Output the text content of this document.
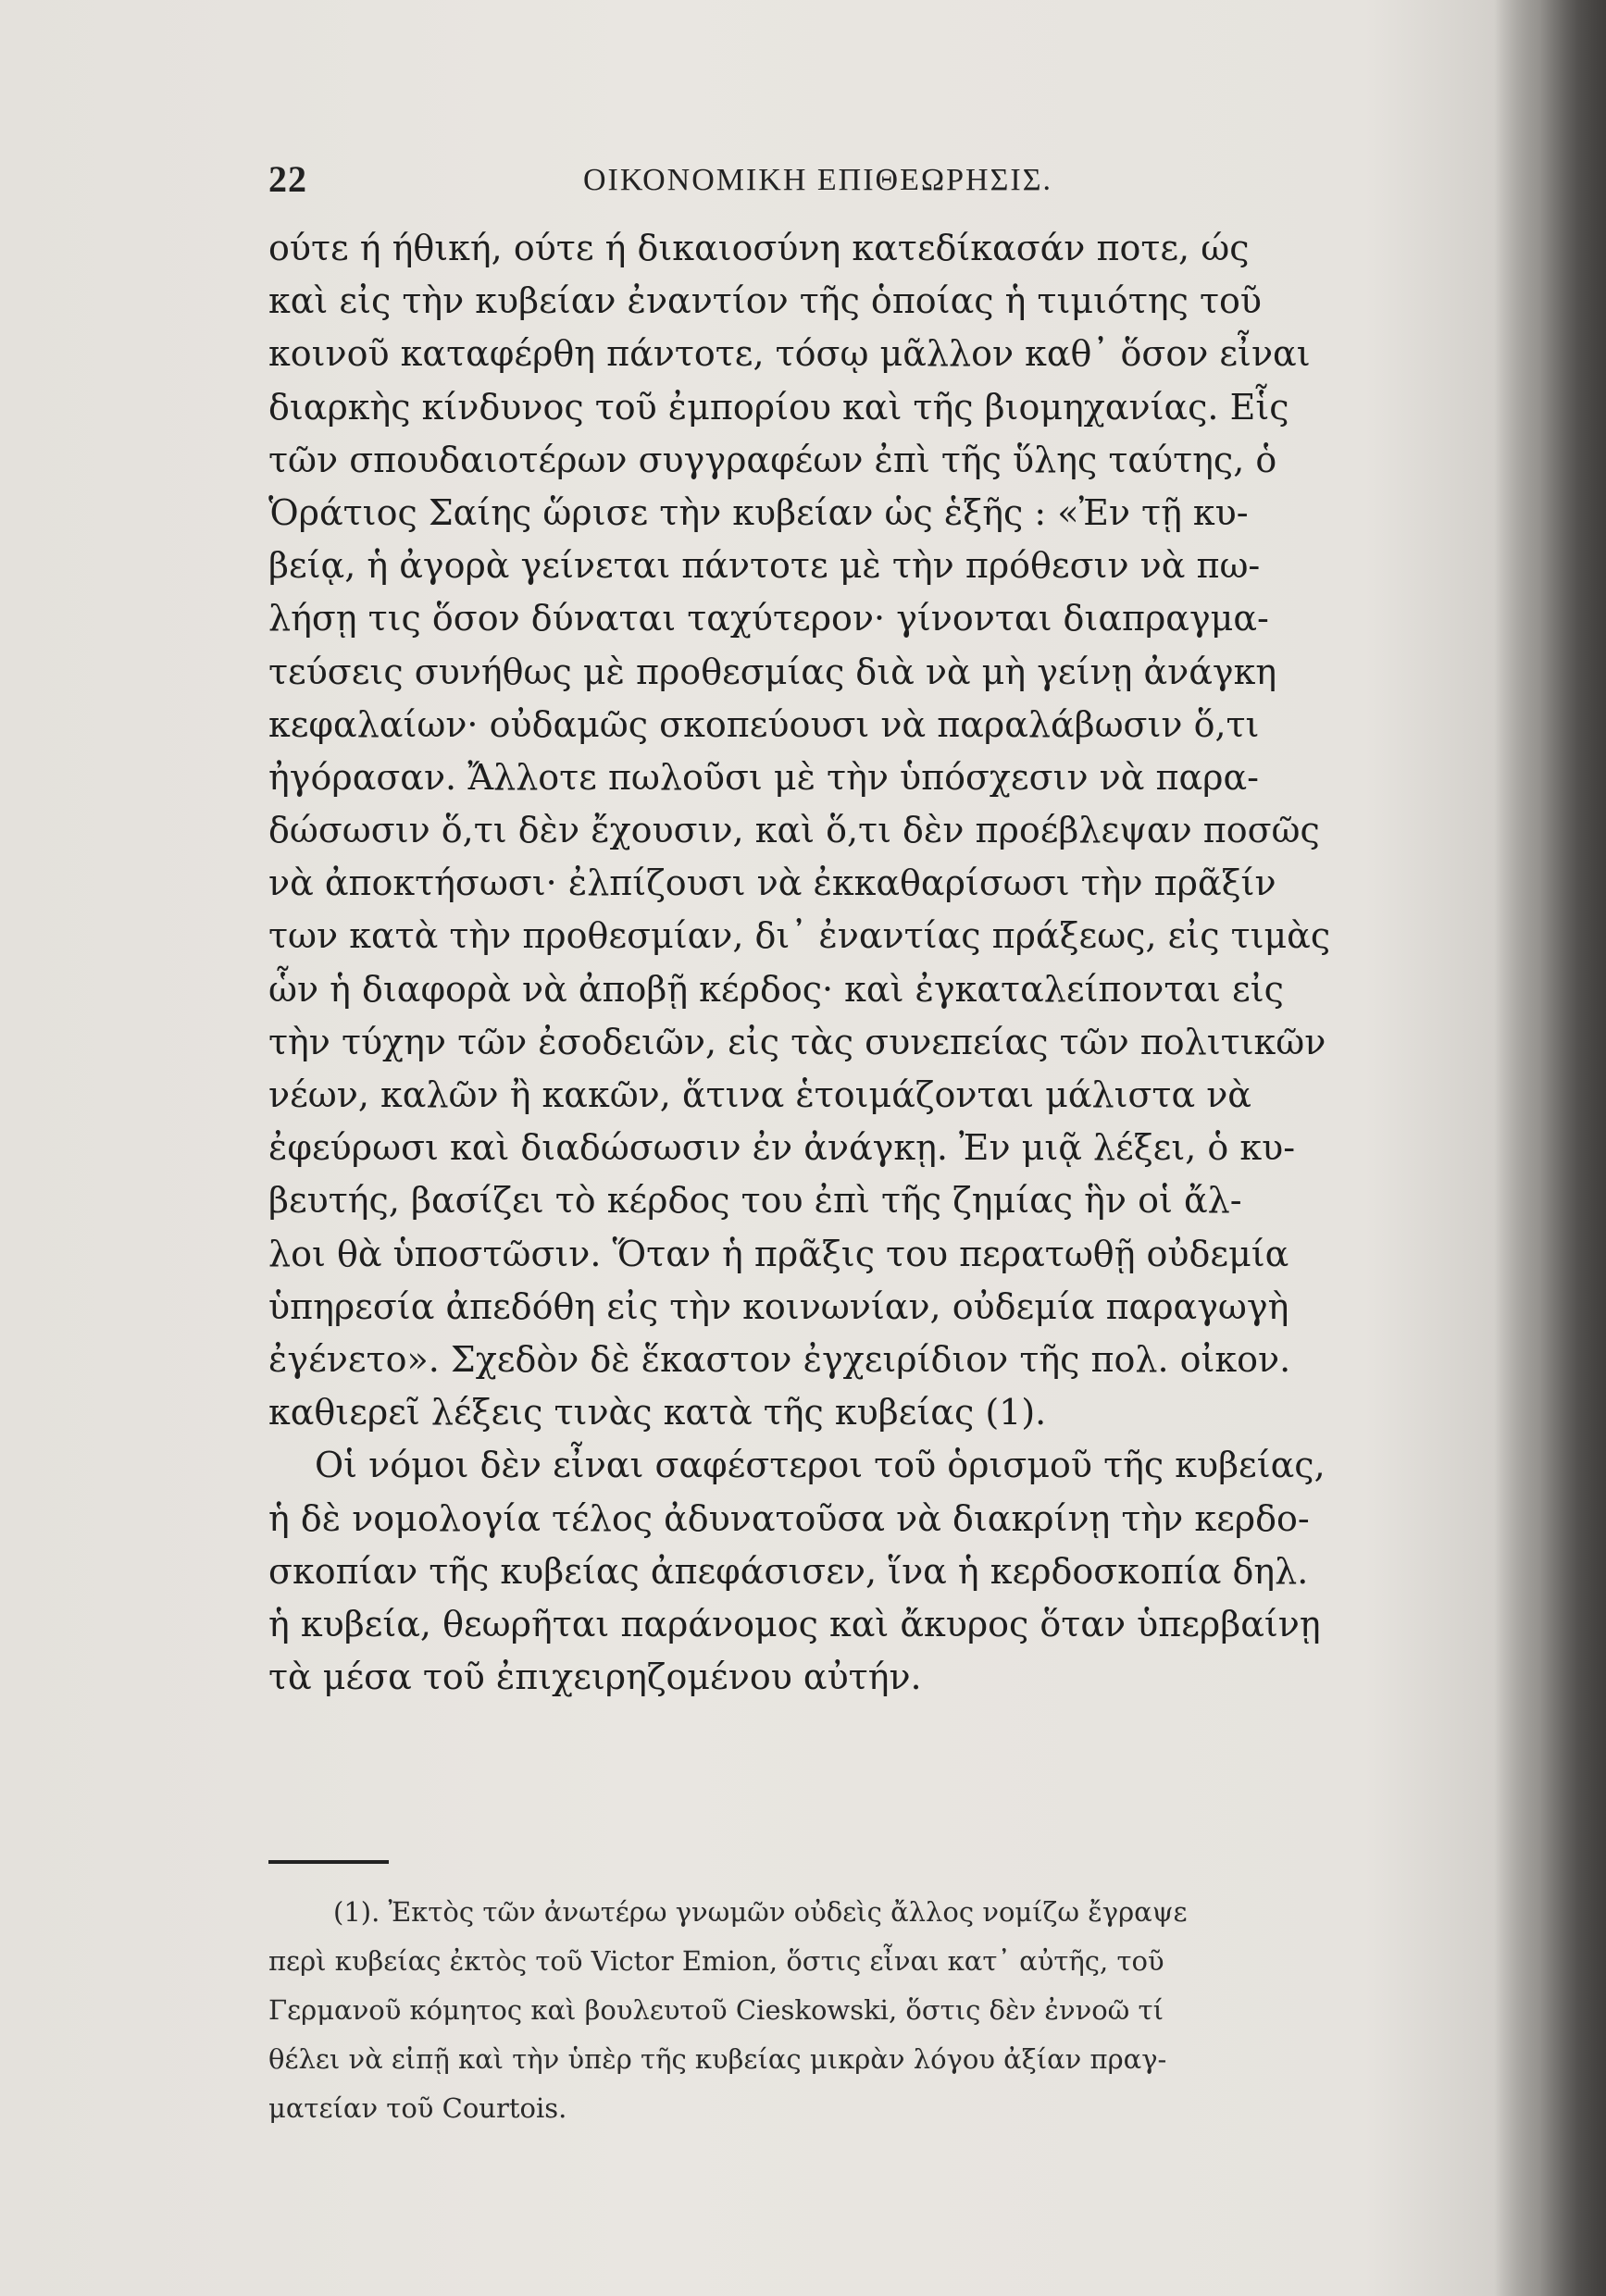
22	ΟΙΚΟΝΟΜΙΚΗ ΕΠΙΘΕΩΡΗΣΙΣ.
ούτε ή ήθική, ούτε ή δικαιοσύνη κατεδίκασάν ποτε, ώς
καὶ εἰς τὴν κυβείαν ἐναντίον τῆς ὁποίας ἡ τιμιότης τοῦ
κοινοῦ καταφέρθη πάντοτε, τόσῳ μᾶλλον καθ᾽ ὅσον εἶναι
διαρκὴς κίνδυνος τοῦ ἐμπορίου καὶ τῆς βιομηχανίας. Εἷς
τῶν σπουδαιοτέρων συγγραφέων ἐπὶ τῆς ὕλης ταύτης, ὁ
Ὁράτιος Σαίης ὥρισε τὴν κυβείαν ὡς ἑξῆς : «Ἐν τῇ κυ-
βείᾳ, ἡ ἀγορὰ γείνεται πάντοτε μὲ τὴν πρόθεσιν νὰ πω-
λήσῃ τις ὅσον δύναται ταχύτερον· γίνονται διαπραγμα-
τεύσεις συνήθως μὲ προθεσμίας διὰ νὰ μὴ γείνῃ ἀνάγκη
κεφαλαίων· οὐδαμῶς σκοπεύουσι νὰ παραλάβωσιν ὅ,τι
ἠγόρασαν. Ἄλλοτε πωλοῦσι μὲ τὴν ὑπόσχεσιν νὰ παρα-
δώσωσιν ὅ,τι δὲν ἔχουσιν, καὶ ὅ,τι δὲν προέβλεψαν ποσῶς
νὰ ἀποκτήσωσι· ἐλπίζουσι νὰ ἐκκαθαρίσωσι τὴν πρᾶξίν
των κατὰ τὴν προθεσμίαν, δι᾽ ἐναντίας πράξεως, εἰς τιμὰς
ὧν ἡ διαφορὰ νὰ ἀποβῇ κέρδος· καὶ ἐγκαταλείπονται εἰς
τὴν τύχην τῶν ἐσοδειῶν, εἰς τὰς συνεπείας τῶν πολιτικῶν
νέων, καλῶν ἢ κακῶν, ἅτινα ἑτοιμάζονται μάλιστα νὰ
ἐφεύρωσι καὶ διαδώσωσιν ἐν ἀνάγκῃ. Ἐν μιᾷ λέξει, ὁ κυ-
βευτής, βασίζει τὸ κέρδος του ἐπὶ τῆς ζημίας ἣν οἱ ἄλ-
λοι θὰ ὑποστῶσιν. Ὅταν ἡ πρᾶξις του περατωθῇ οὐδεμία
ὑπηρεσία ἀπεδόθη εἰς τὴν κοινωνίαν, οὐδεμία παραγωγὴ
ἐγένετο». Σχεδὸν δὲ ἕκαστον ἐγχειρίδιον τῆς πολ. οἰκον.
καθιερεῖ λέξεις τινὰς κατὰ τῆς κυβείας (1).
Οἱ νόμοι δὲν εἶναι σαφέστεροι τοῦ ὁρισμοῦ τῆς κυβείας,
ἡ δὲ νομολογία τέλος ἀδυνατοῦσα νὰ διακρίνῃ τὴν κερδο-
σκοπίαν τῆς κυβείας ἀπεφάσισεν, ἵνα ἡ κερδοσκοπία δηλ.
ἡ κυβεία, θεωρῆται παράνομος καὶ ἄκυρος ὅταν ὑπερβαίνῃ
τὰ μέσα τοῦ ἐπιχειρηζομένου αὐτήν.
(1). Ἐκτὸς τῶν ἀνωτέρω γνωμῶν οὐδεὶς ἄλλος νομίζω ἔγραψε
περὶ κυβείας ἐκτὸς τοῦ Victor Emion, ὅστις εἶναι κατ᾽ αὐτῆς, τοῦ
Γερμανοῦ κόμητος καὶ βουλευτοῦ Cieskowski, ὅστις δὲν ἐννοῶ τί
θέλει νὰ εἰπῇ καὶ τὴν ὑπὲρ τῆς κυβείας μικρὰν λόγου ἀξίαν πραγ-
ματείαν τοῦ Courtois.
